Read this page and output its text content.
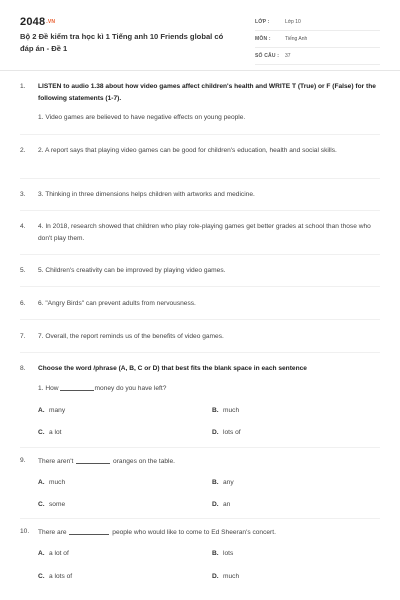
2048.VN
Bộ 2 Đề kiểm tra học kì 1 Tiếng anh 10 Friends global có đáp án - Đề 1
LỚP :	Lớp 10
MÔN :	Tiếng Anh
SỐ CÂU : 37
1. LISTEN to audio 1.38 about how video games affect children's health and WRITE T (True) or F (False) for the following statements (1-7).
1. Video games are believed to have negative effects on young people.
2. 2. A report says that playing video games can be good for children's education, health and social skills.
3. 3. Thinking in three dimensions helps children with artworks and medicine.
4. 4. In 2018, research showed that children who play role-playing games get better grades at school than those who don't play them.
5. 5. Children's creativity can be improved by playing video games.
6. 6. "Angry Birds" can prevent adults from nervousness.
7. 7. Overall, the report reminds us of the benefits of video games.
8. Choose the word /phrase (A, B, C or D) that best fits the blank space in each sentence
1. How	money do you have left?
A. many	B. much
C. a lot	D. lots of
9. There aren't	oranges on the table.
A. much	B. any
C. some	D. an
10. There are	people who would like to come to Ed Sheeran's concert.
A. a lot of	B. lots
C. a lots of	D. much
